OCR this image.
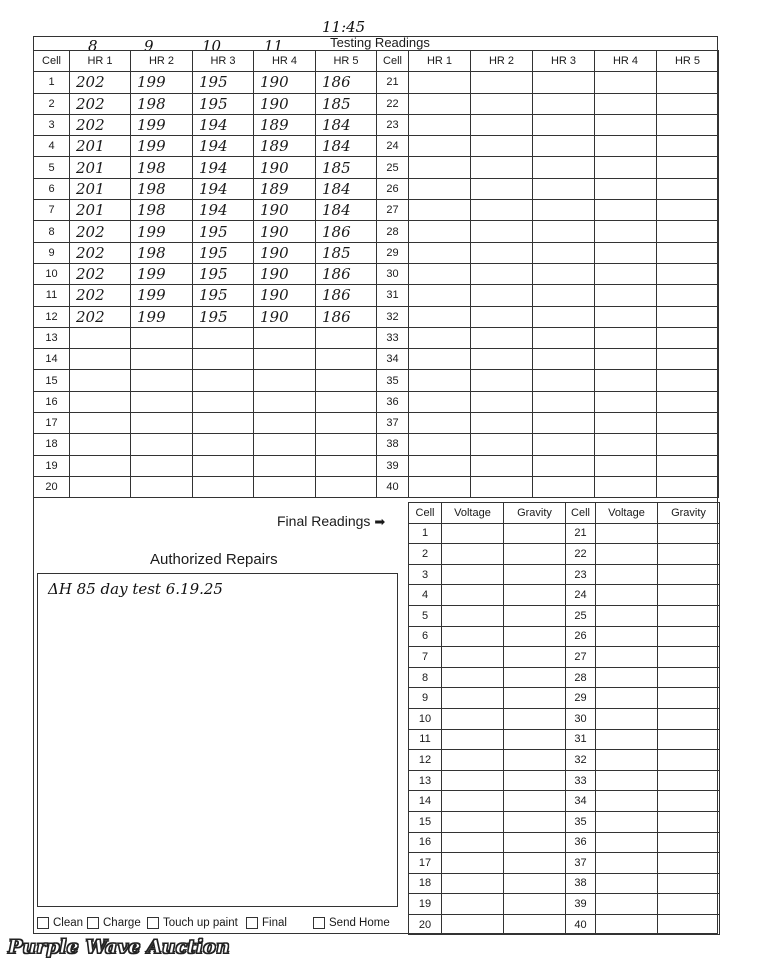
11:45
8	9	10	11	Testing Readings
Cell	HR 1	HR 2	HR 3	HR 4	HR 5
1	202	199	195	190	186
2	202	198	195	190	185
3	202	199	194	189	184
4	201	199	194	189	184
5	201	198	194	190	185
6	201	198	194	189	184
7	201	198	194	190	184
8	202	199	195	190	186
9	202	198	195	190	185
10	202	199	195	190	186
11	202	199	195	190	186
12	202	199	195	190	186
13					
14					
15					
16					
17					
18					
19					
20					
Cell	HR 1	HR 2	HR 3	HR 4	HR 5
21					
22					
23					
24					
25					
26					
27					
28					
29					
30					
31					
32					
33					
34					
35					
36					
37					
38					
39					
40					
Final Readings ➡
Cell	Voltage	Gravity	Cell	Voltage	Gravity
1			21		
2			22		
3			23		
4			24		
5			25		
6			26		
7			27		
8			28		
9			29		
10			30		
11			31		
12			32		
13			33		
14			34		
15			35		
16			36		
17			37		
18			38		
19			39		
20			40		
Authorized Repairs
ΔH 85 day test 6.19.25
Clean Charge Touch up paint Final	Send Home
Purple Wave Auction
